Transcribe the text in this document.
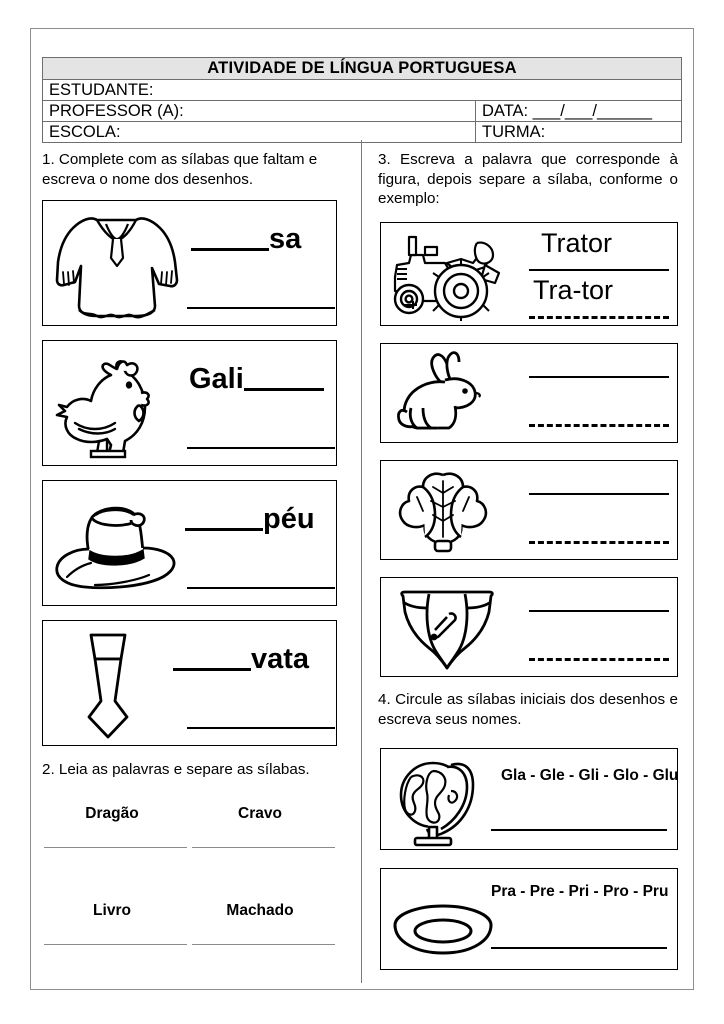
ATIVIDADE DE LÍNGUA PORTUGUESA
ESTUDANTE:
PROFESSOR (A):	DATA: ___/___/______
ESCOLA:	TURMA:
1. Complete com as sílabas que faltam e escreva o nome dos desenhos.
sa
Gali
péu
vata
2. Leia as palavras e separe as sílabas.
Dragão	Cravo
Livro	Machado
3. Escreva a palavra que corresponde à figura, depois separe a sílaba, conforme o exemplo:
Trator
Tra-tor
4. Circule as sílabas iniciais dos desenhos e escreva seus nomes.
Gla - Gle - Gli - Glo - Glu
Pra - Pre - Pri - Pro - Pru
